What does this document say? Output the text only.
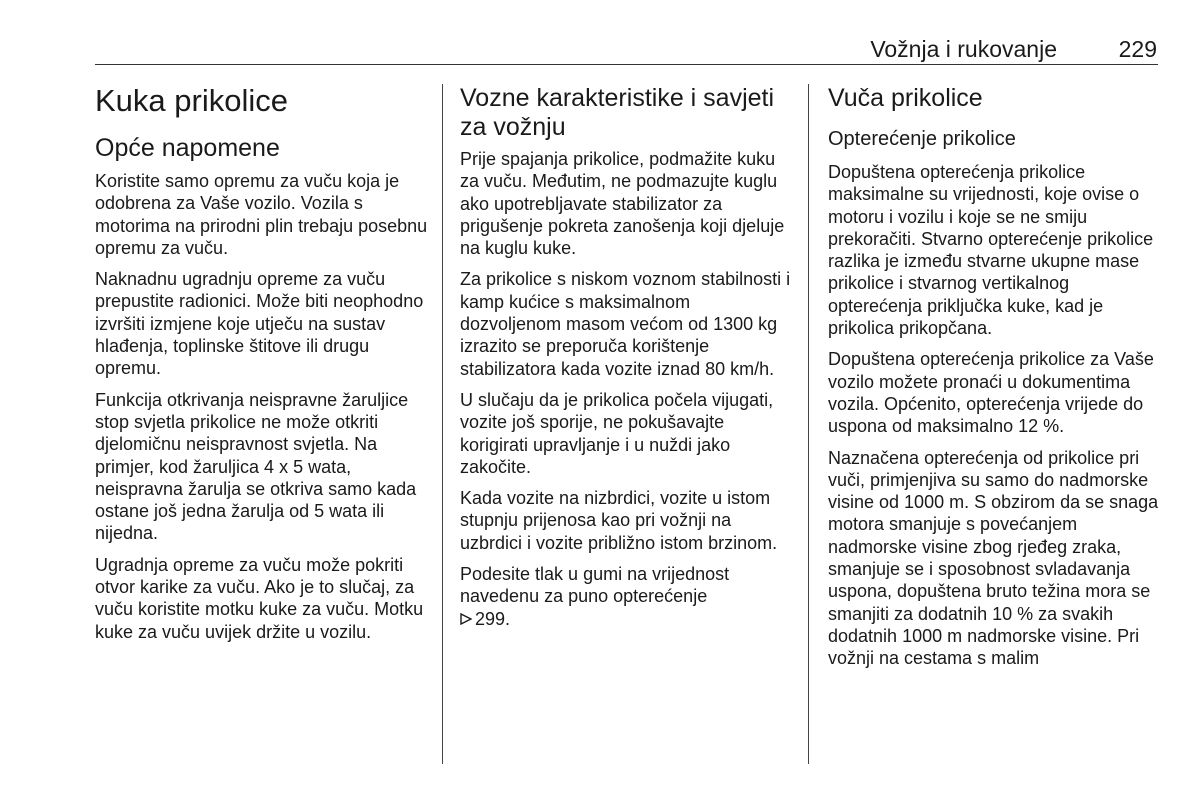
Vožnja i rukovanje	229
Kuka prikolice
Opće napomene

Koristite samo opremu za vuču koja je odobrena za Vaše vozilo. Vozila s motorima na prirodni plin trebaju posebnu opremu za vuču.

Naknadnu ugradnju opreme za vuču prepustite radionici. Može biti neophodno izvršiti izmjene koje utječu na sustav hlađenja, toplinske štitove ili drugu opremu.

Funkcija otkrivanja neispravne žaruljice stop svjetla prikolice ne može otkriti djelomičnu neispravnost svjetla. Na primjer, kod žaruljica 4 x 5 wata, neispravna žarulja se otkriva samo kada ostane još jedna žarulja od 5 wata ili nijedna.

Ugradnja opreme za vuču može pokriti otvor karike za vuču. Ako je to slučaj, za vuču koristite motku kuke za vuču. Motku kuke za vuču uvijek držite u vozilu.

Vozne karakteristike i savjeti za vožnju

Prije spajanja prikolice, podmažite kuku za vuču. Međutim, ne podmazujte kuglu ako upotrebljavate stabilizator za prigušenje pokreta zanošenja koji djeluje na kuglu kuke.

Za prikolice s niskom voznom stabilnosti i kamp kućice s maksimalnom dozvoljenom masom većom od 1300 kg izrazito se preporuča korištenje stabilizatora kada vozite iznad 80 km/h.

U slučaju da je prikolica počela vijugati, vozite još sporije, ne pokušavajte korigirati upravljanje i u nuždi jako zakočite.

Kada vozite na nizbrdici, vozite u istom stupnju prijenosa kao pri vožnji na uzbrdici i vozite približno istom brzinom.

Podesite tlak u gumi na vrijednost navedenu za puno opterećenje

299.

Vuča prikolice
Opterećenje prikolice

Dopuštena opterećenja prikolice maksimalne su vrijednosti, koje ovise o motoru i vozilu i koje se ne smiju prekoračiti. Stvarno opterećenje prikolice razlika je između stvarne ukupne mase prikolice i stvarnog vertikalnog opterećenja priključka kuke, kad je prikolica prikopčana.

Dopuštena opterećenja prikolice za Vaše vozilo možete pronaći u dokumentima vozila. Općenito, opterećenja vrijede do uspona od maksimalno 12 %.

Naznačena opterećenja od prikolice pri vuči, primjenjiva su samo do nadmorske visine od 1000 m. S obzirom da se snaga motora smanjuje s povećanjem nadmorske visine zbog rjeđeg zraka, smanjuje se i sposobnost svladavanja uspona, dopuštena bruto težina mora se smanjiti za dodatnih 10 % za svakih dodatnih 1000 m nadmorske visine. Pri vožnji na cestama s malim
